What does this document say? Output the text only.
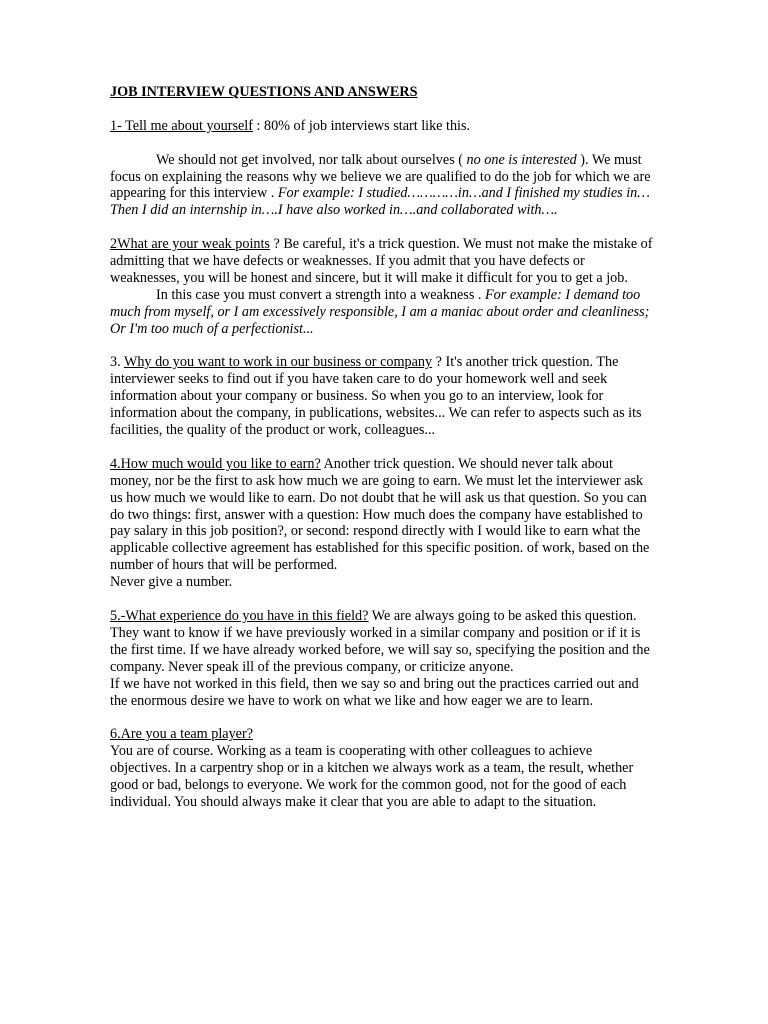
JOB INTERVIEW QUESTIONS AND ANSWERS

1- Tell me about yourself : 80% of job interviews start like this.

We should not get involved, nor talk about ourselves ( no one is interested ). We must focus on explaining the reasons why we believe we are qualified to do the job for which we are appearing for this interview . For example: I studied…………in…and I finished my studies in…Then I did an internship in….I have also worked in….and collaborated with….

2What are your weak points ? Be careful, it's a trick question. We must not make the mistake of admitting that we have defects or weaknesses. If you admit that you have defects or weaknesses, you will be honest and sincere, but it will make it difficult for you to get a job.

In this case you must convert a strength into a weakness . For example: I demand too much from myself, or I am excessively responsible, I am a maniac about order and cleanliness; Or I'm too much of a perfectionist...

3. Why do you want to work in our business or company ? It's another trick question. The interviewer seeks to find out if you have taken care to do your homework well and seek information about your company or business. So when you go to an interview, look for information about the company, in publications, websites... We can refer to aspects such as its facilities, the quality of the product or work, colleagues...

4.How much would you like to earn? Another trick question. We should never talk about money, nor be the first to ask how much we are going to earn. We must let the interviewer ask us how much we would like to earn. Do not doubt that he will ask us that question. So you can do two things: first, answer with a question: How much does the company have established to pay salary in this job position?, or second: respond directly with I would like to earn what the applicable collective agreement has established for this specific position. of work, based on the number of hours that will be performed.

Never give a number.

5.-What experience do you have in this field? We are always going to be asked this question. They want to know if we have previously worked in a similar company and position or if it is the first time. If we have already worked before, we will say so, specifying the position and the company. Never speak ill of the previous company, or criticize anyone.

If we have not worked in this field, then we say so and bring out the practices carried out and the enormous desire we have to work on what we like and how eager we are to learn.

6.Are you a team player?

You are of course. Working as a team is cooperating with other colleagues to achieve objectives. In a carpentry shop or in a kitchen we always work as a team, the result, whether good or bad, belongs to everyone. We work for the common good, not for the good of each individual. You should always make it clear that you are able to adapt to the situation.
